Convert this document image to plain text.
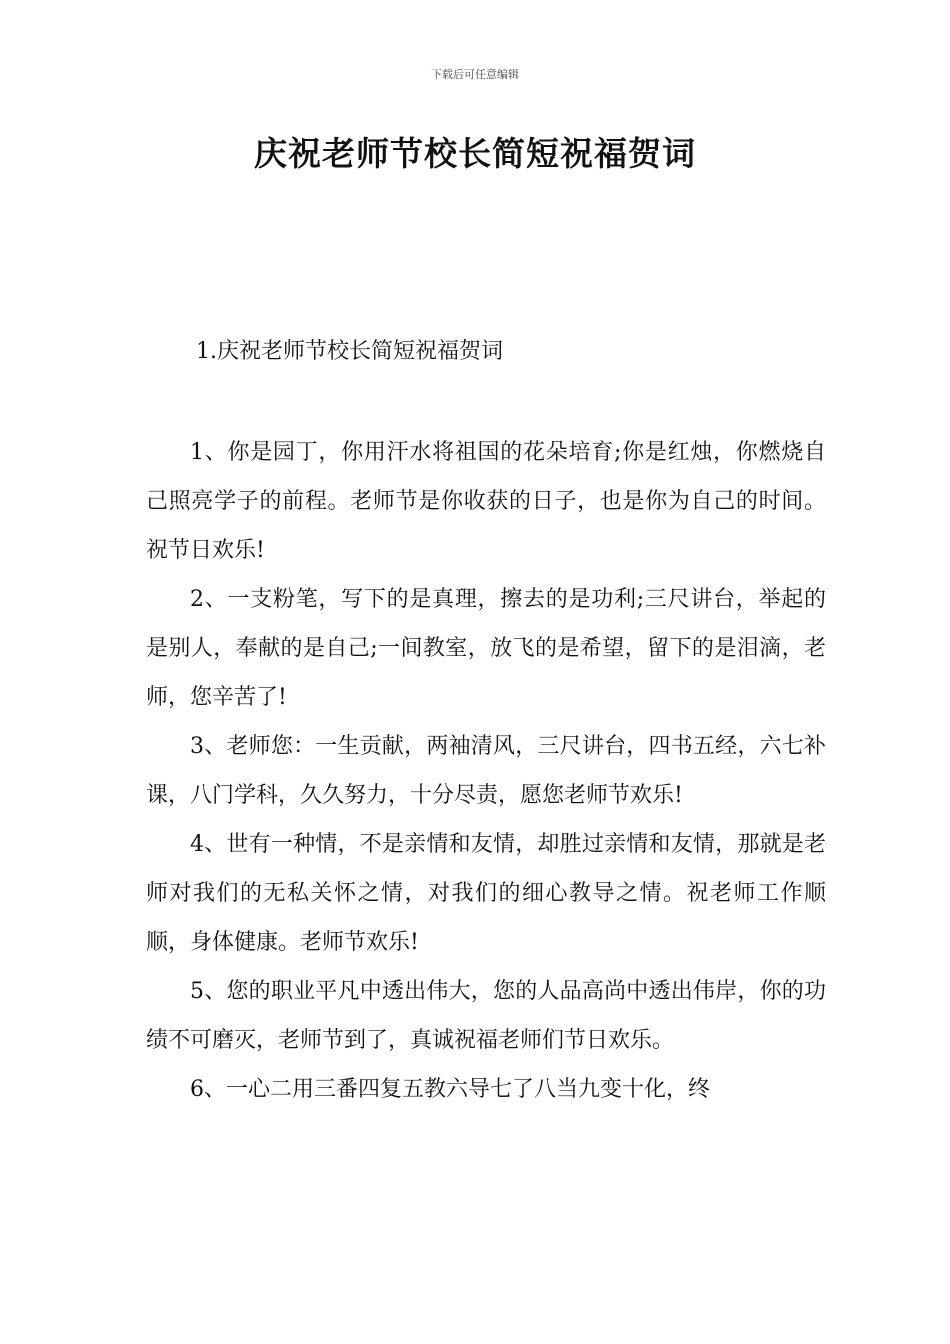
下载后可任意编辑
庆祝老师节校长简短祝福贺词
1.庆祝老师节校长简短祝福贺词

1、你是园丁，你用汗水将祖国的花朵培育;你是红烛，你燃烧自己照亮学子的前程。老师节是你收获的日子，也是你为自己的时间。祝节日欢乐!

2、一支粉笔，写下的是真理，擦去的是功利;三尺讲台，举起的是别人，奉献的是自己;一间教室，放飞的是希望，留下的是泪滴，老师，您辛苦了!

3、老师您：一生贡献，两袖清风，三尺讲台，四书五经，六七补课，八门学科，久久努力，十分尽责，愿您老师节欢乐!

4、世有一种情，不是亲情和友情，却胜过亲情和友情，那就是老师对我们的无私关怀之情，对我们的细心教导之情。祝老师工作顺顺，身体健康。老师节欢乐!

5、您的职业平凡中透出伟大，您的人品高尚中透出伟岸，你的功绩不可磨灭，老师节到了，真诚祝福老师们节日欢乐。

6、一心二用三番四复五教六导七了八当九变十化，终
